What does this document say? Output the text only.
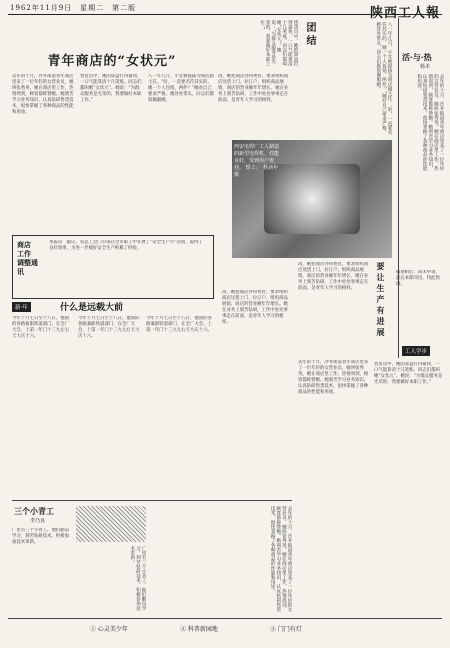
1962年11月9日　星期二　第二版	陕西工人報
青年商店的“女状元”
去年的十月，沙井街道青年商店里来了一位年轻的女营业员，她叫张秀英。她在商店里工作，热情周到，顾客都称赞她。她刻苦学习业务知识，认真钻研售货技术，很快掌握了各种商品的性能和用途。
售货员中，她的算盘打得最快，一口气能算清十几笔账。同志们都叫她“女状元”。她说：“为群众服务是光荣的，我要做好本职工作。”
八一年几月，小女被提拔为商店副主任。“哈，一直要名符其实的，她一个人包销，两件？”她对自己要求严格，她处处带头，同志们都很佩服她。
改，她把商店办得更好，要求组织商店送货上门，拉订户，组织商品展销，商店的营业额年年增长。她在业务上刻苦钻研，工作中处处事事走在前面，是青年人学习的榜样。
商店
工作
调整通讯
本报讯　据记，省总工会门市部在全市职工中开展了“安全生产月”活动，取得了良好效果，为进一步搞好安全生产积累了经验。
新·年	什么是远载大前
今年十月七日至十八日，他国的各路兼职铁道部门，在全厂大会、上第一年门十三九左右天大庆十六。
今年十月七日至十八日，他国的各路兼职铁道部门，在全厂大会、上第一年门十三九左右天大庆十六。
今年十月七日至十八日，他国的各路兼职铁道部门，在全厂大会、上第一年门十三九左右天大庆十六。
改，她把商店办得更好，要求组织商店送货上门，拉订户，组织商品展销，商店的营业额年年增长。她在业务上刻苦钻研，工作中处处事事走在前面，是青年人学习的榜样。
三个小青工
李乃良
厂里有三个小青工，他们勤奋学习，刻苦钻研技术，积极参加技术革新。
厂里有三个小青工，他们勤奋学习，刻苦钻研技术，积极参加技术革新。	去年的十月，沙井街道青年商店里来了一位年轻的女营业员，她叫张秀英。她在商店里工作，热情周到，顾客都称赞她。她刻苦学习业务知识，认真钻研售货技术，很快掌握了各种商品的性能和用途。
售货员中，她的算盘打得最快，一口气能算清十几笔账。同志们都叫她“女状元”。她说：“为群众服务是光荣的，我要做好本职工作。”	团结	八一年几月，小女被提拔为商店副主任。“哈，一直要名符其实的，她一个人包销，两件？”她对自己要求严格，她处处带头，同志们都很佩服她。	活·与·热
杨本
去年的十月，沙井街道青年商店里来了一位年轻的女营业员，她叫张秀英。她在商店里工作，热情周到，顾客都称赞她。她刻苦学习业务知识，认真钻研售货技术，很快掌握了各种商品的性能和用途。
西安电焊厂工人制造的新型电焊机，性能良好，受到用户欢迎。 焊工：　杨炳年摄
要让生产有进展
改，她把商店办得更好，要求组织商店送货上门，拉订户，组织商品展销，商店的营业额年年增长。她在业务上刻苦钻研，工作中处处事事走在前面，是青年人学习的榜样。
稿费附后：尚未申请，兹在本期刊出，特此致谢。
工人学步
去年的十月，沙井街道青年商店里来了一位年轻的女营业员，她叫张秀英。她在商店里工作，热情周到，顾客都称赞她。她刻苦学习业务知识，认真钻研售货技术，很快掌握了各种商品的性能和用途。
售货员中，她的算盘打得最快，一口气能算清十几笔账。同志们都叫她“女状元”。她说：“为群众服务是光荣的，我要做好本职工作。”
① 心灵美少年	② 科普新园地	③ 门门有灯
